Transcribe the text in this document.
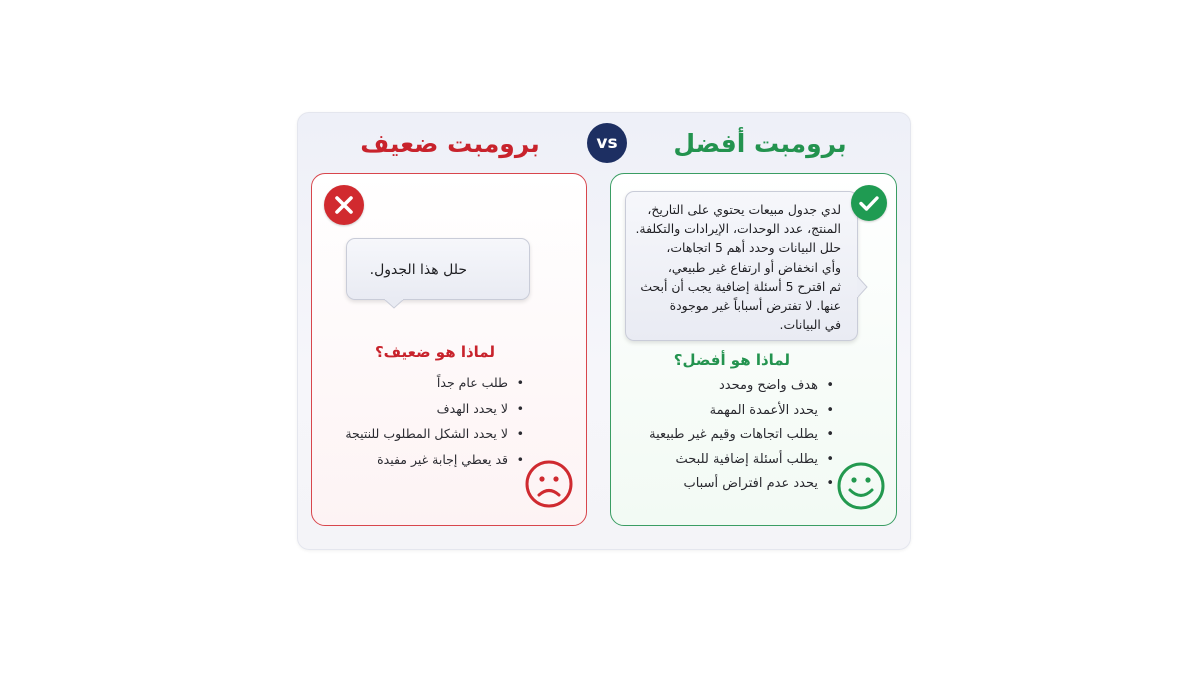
برومبت ضعيف	vs	برومبت أفضل
حلل هذا الجدول.
لماذا هو ضعيف؟
• طلب عام جداً
• لا يحدد الهدف
• لا يحدد الشكل المطلوب للنتيجة
• قد يعطي إجابة غير مفيدة
لدي جدول مبيعات يحتوي على التاريخ،
المنتج، عدد الوحدات، الإيرادات والتكلفة.
حلل البيانات وحدد أهم 5 اتجاهات،
وأي انخفاض أو ارتفاع غير طبيعي،
ثم اقترح 5 أسئلة إضافية يجب أن أبحث
عنها. لا تفترض أسباباً غير موجودة
في البيانات.
لماذا هو أفضل؟
• هدف واضح ومحدد
• يحدد الأعمدة المهمة
• يطلب اتجاهات وقيم غير طبيعية
• يطلب أسئلة إضافية للبحث
• يحدد عدم افتراض أسباب
